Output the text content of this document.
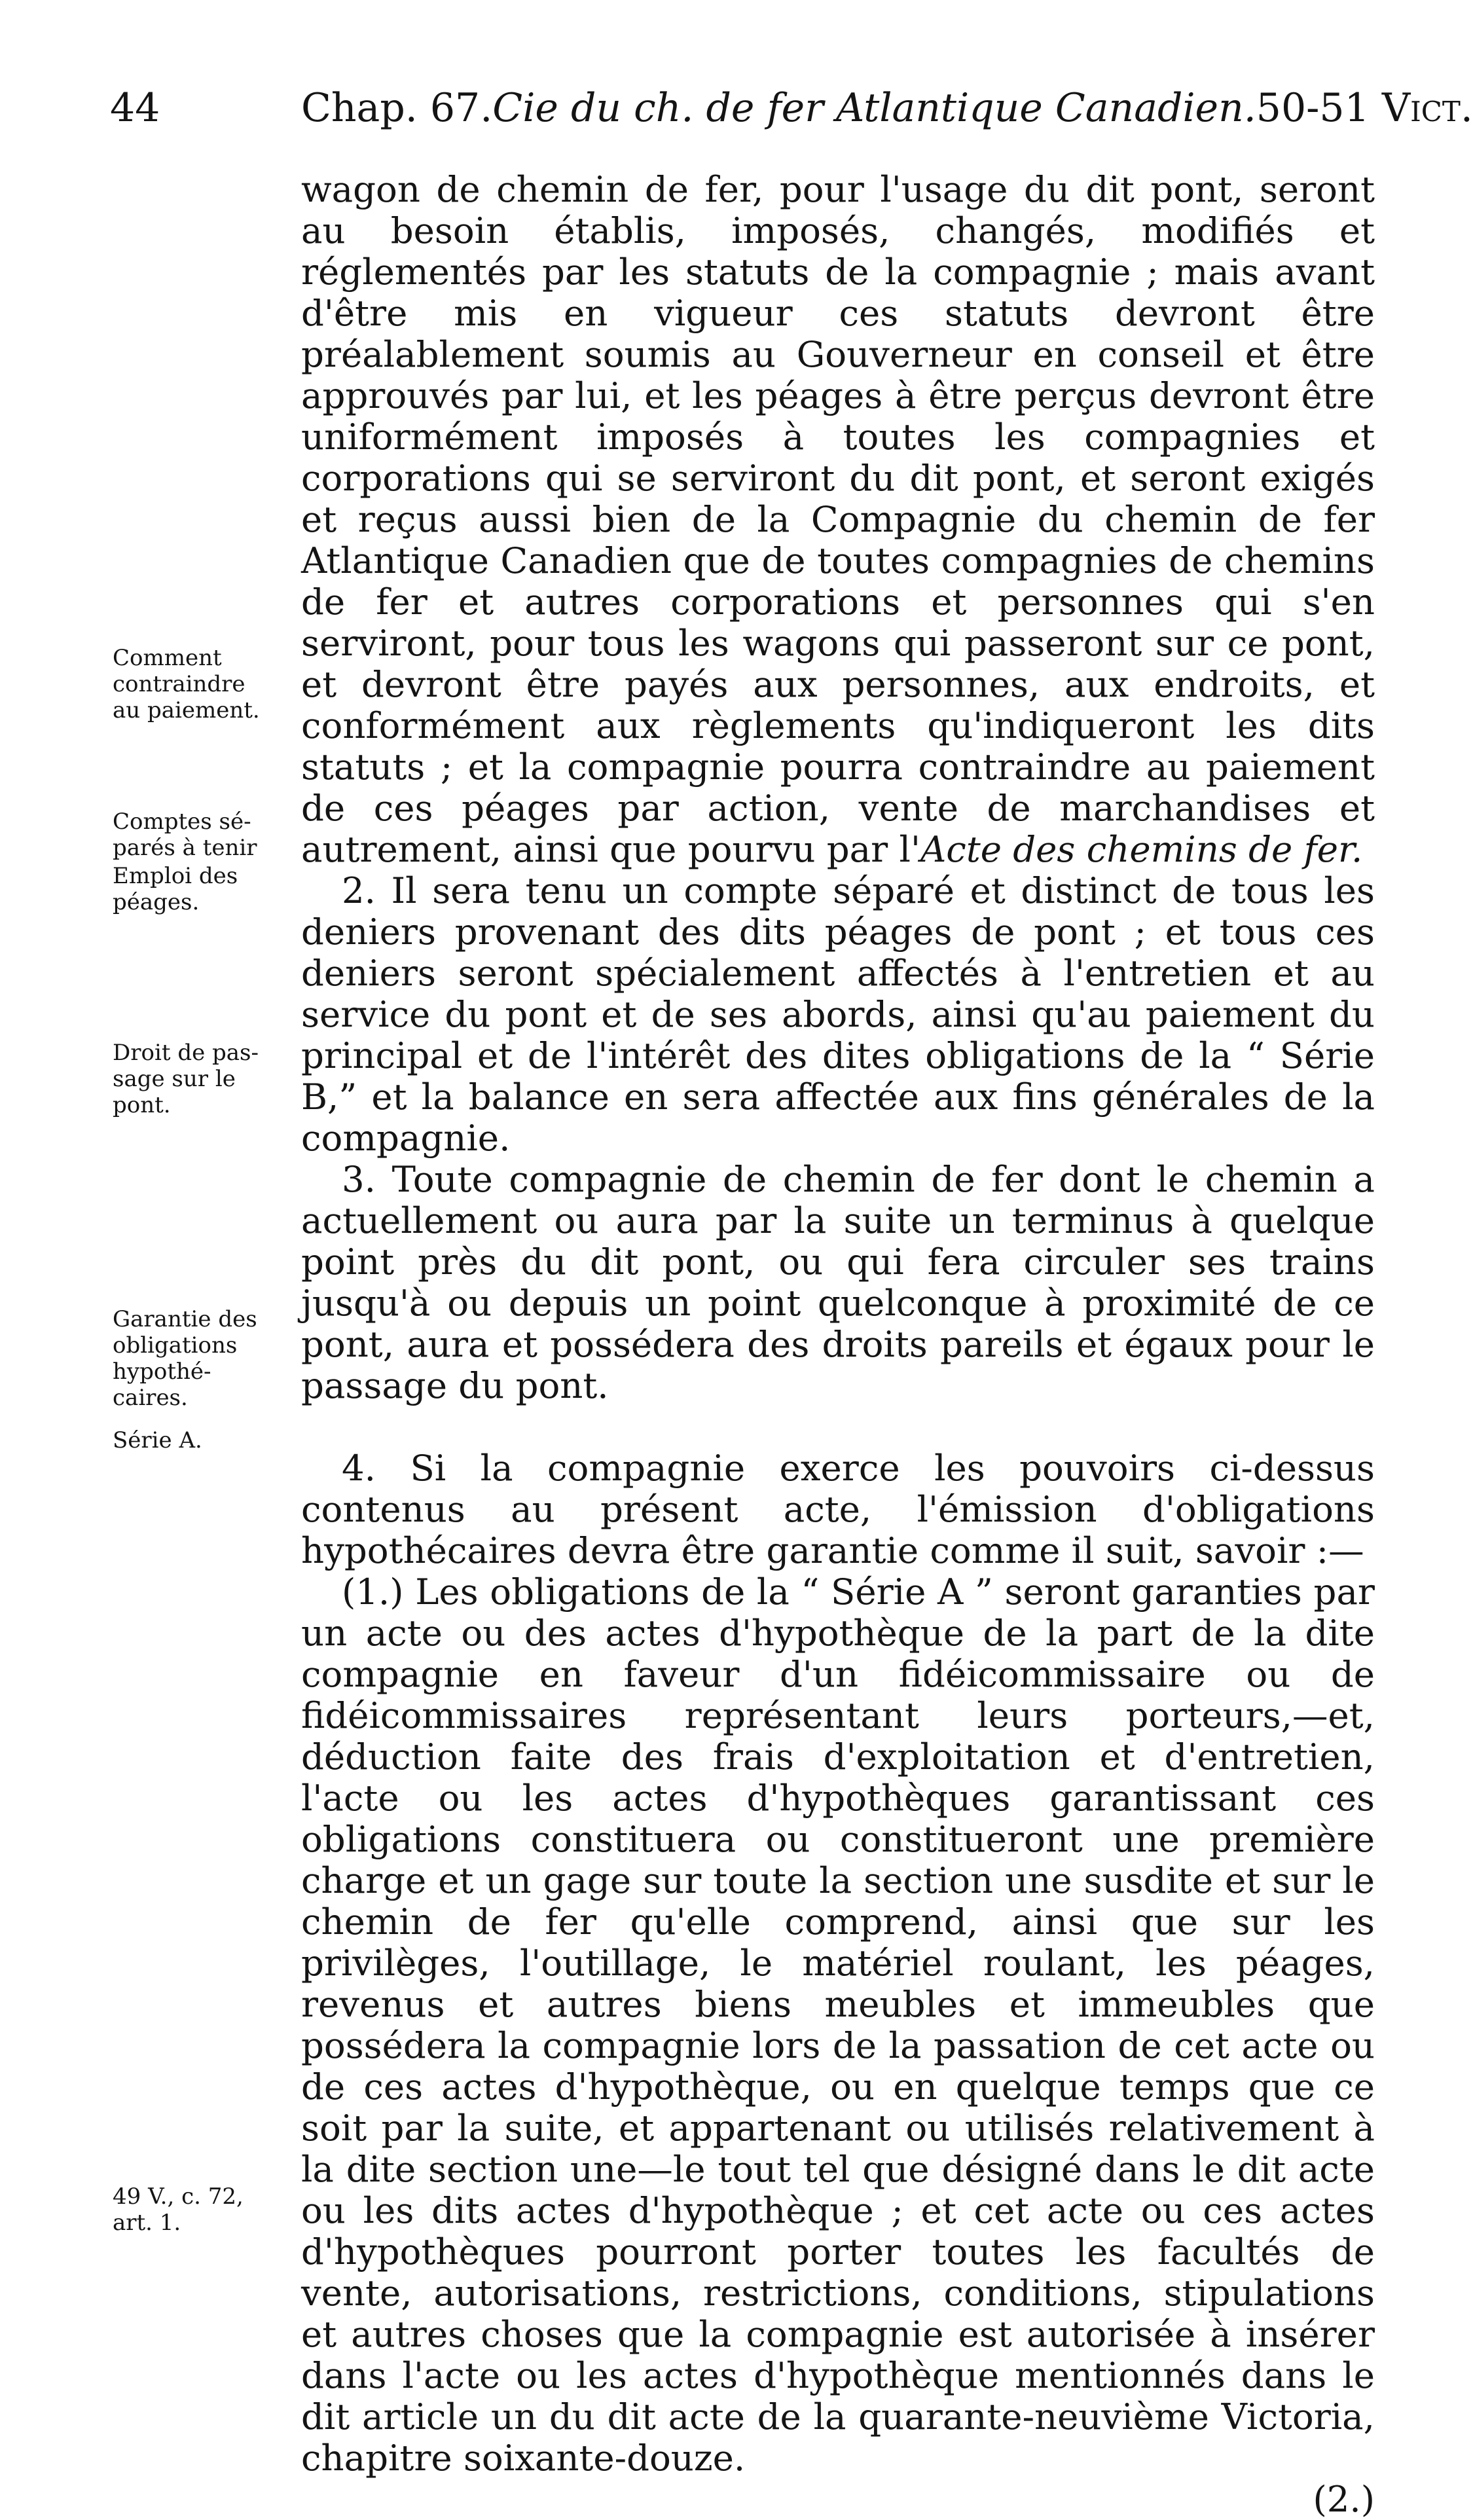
44	Chap. 67. Cie du ch. de fer Atlantique Canadien. 50-51 Vict.
Comment
contraindre
au paiement.
Comptes sé-
parés à tenir
Emploi des
péages.
Droit de pas-
sage sur le
pont.
Garantie des
obligations
hypothé-
caires.
Série A.
49 V., c. 72,
art. 1.

wagon de chemin de fer, pour l'usage du dit pont, seront au besoin établis, imposés, changés, modifiés et réglementés par les statuts de la compagnie ; mais avant d'être mis en vigueur ces statuts devront être préalablement soumis au Gouverneur en conseil et être approuvés par lui, et les péages à être perçus devront être uniformément imposés à toutes les compagnies et corporations qui se serviront du dit pont, et seront exigés et reçus aussi bien de la Compagnie du chemin de fer Atlantique Canadien que de toutes compagnies de chemins de fer et autres corporations et personnes qui s'en serviront, pour tous les wagons qui passeront sur ce pont, et devront être payés aux personnes, aux endroits, et conformément aux règlements qu'indiqueront les dits statuts ; et la compagnie pourra contraindre au paiement de ces péages par action, vente de marchandises et autrement, ainsi que pourvu par l'Acte des chemins de fer.

2. Il sera tenu un compte séparé et distinct de tous les deniers provenant des dits péages de pont ; et tous ces deniers seront spécialement affectés à l'entretien et au service du pont et de ses abords, ainsi qu'au paiement du principal et de l'intérêt des dites obligations de la “ Série B,” et la balance en sera affectée aux fins générales de la compagnie.

3. Toute compagnie de chemin de fer dont le chemin a actuellement ou aura par la suite un terminus à quelque point près du dit pont, ou qui fera circuler ses trains jusqu'à ou depuis un point quelconque à proximité de ce pont, aura et possédera des droits pareils et égaux pour le passage du pont.

4. Si la compagnie exerce les pouvoirs ci-dessus contenus au présent acte, l'émission d'obligations hypothécaires devra être garantie comme il suit, savoir :—

(1.) Les obligations de la “ Série A ” seront garanties par un acte ou des actes d'hypothèque de la part de la dite compagnie en faveur d'un fidéicommissaire ou de fidéicommissaires représentant leurs porteurs,—et, déduction faite des frais d'exploitation et d'entretien, l'acte ou les actes d'hypothèques garantissant ces obligations constituera ou constitueront une première charge et un gage sur toute la section une susdite et sur le chemin de fer qu'elle comprend, ainsi que sur les privilèges, l'outillage, le matériel roulant, les péages, revenus et autres biens meubles et immeubles que possédera la compagnie lors de la passation de cet acte ou de ces actes d'hypothèque, ou en quelque temps que ce soit par la suite, et appartenant ou utilisés relativement à la dite section une—le tout tel que désigné dans le dit acte ou les dits actes d'hypothèque ; et cet acte ou ces actes d'hypothèques pourront porter toutes les facultés de vente, autorisations, restrictions, conditions, stipulations et autres choses que la compagnie est autorisée à insérer dans l'acte ou les actes d'hypothèque mentionnés dans le dit article un du dit acte de la quarante-neuvième Victoria, chapitre soixante-douze.

(2.)
